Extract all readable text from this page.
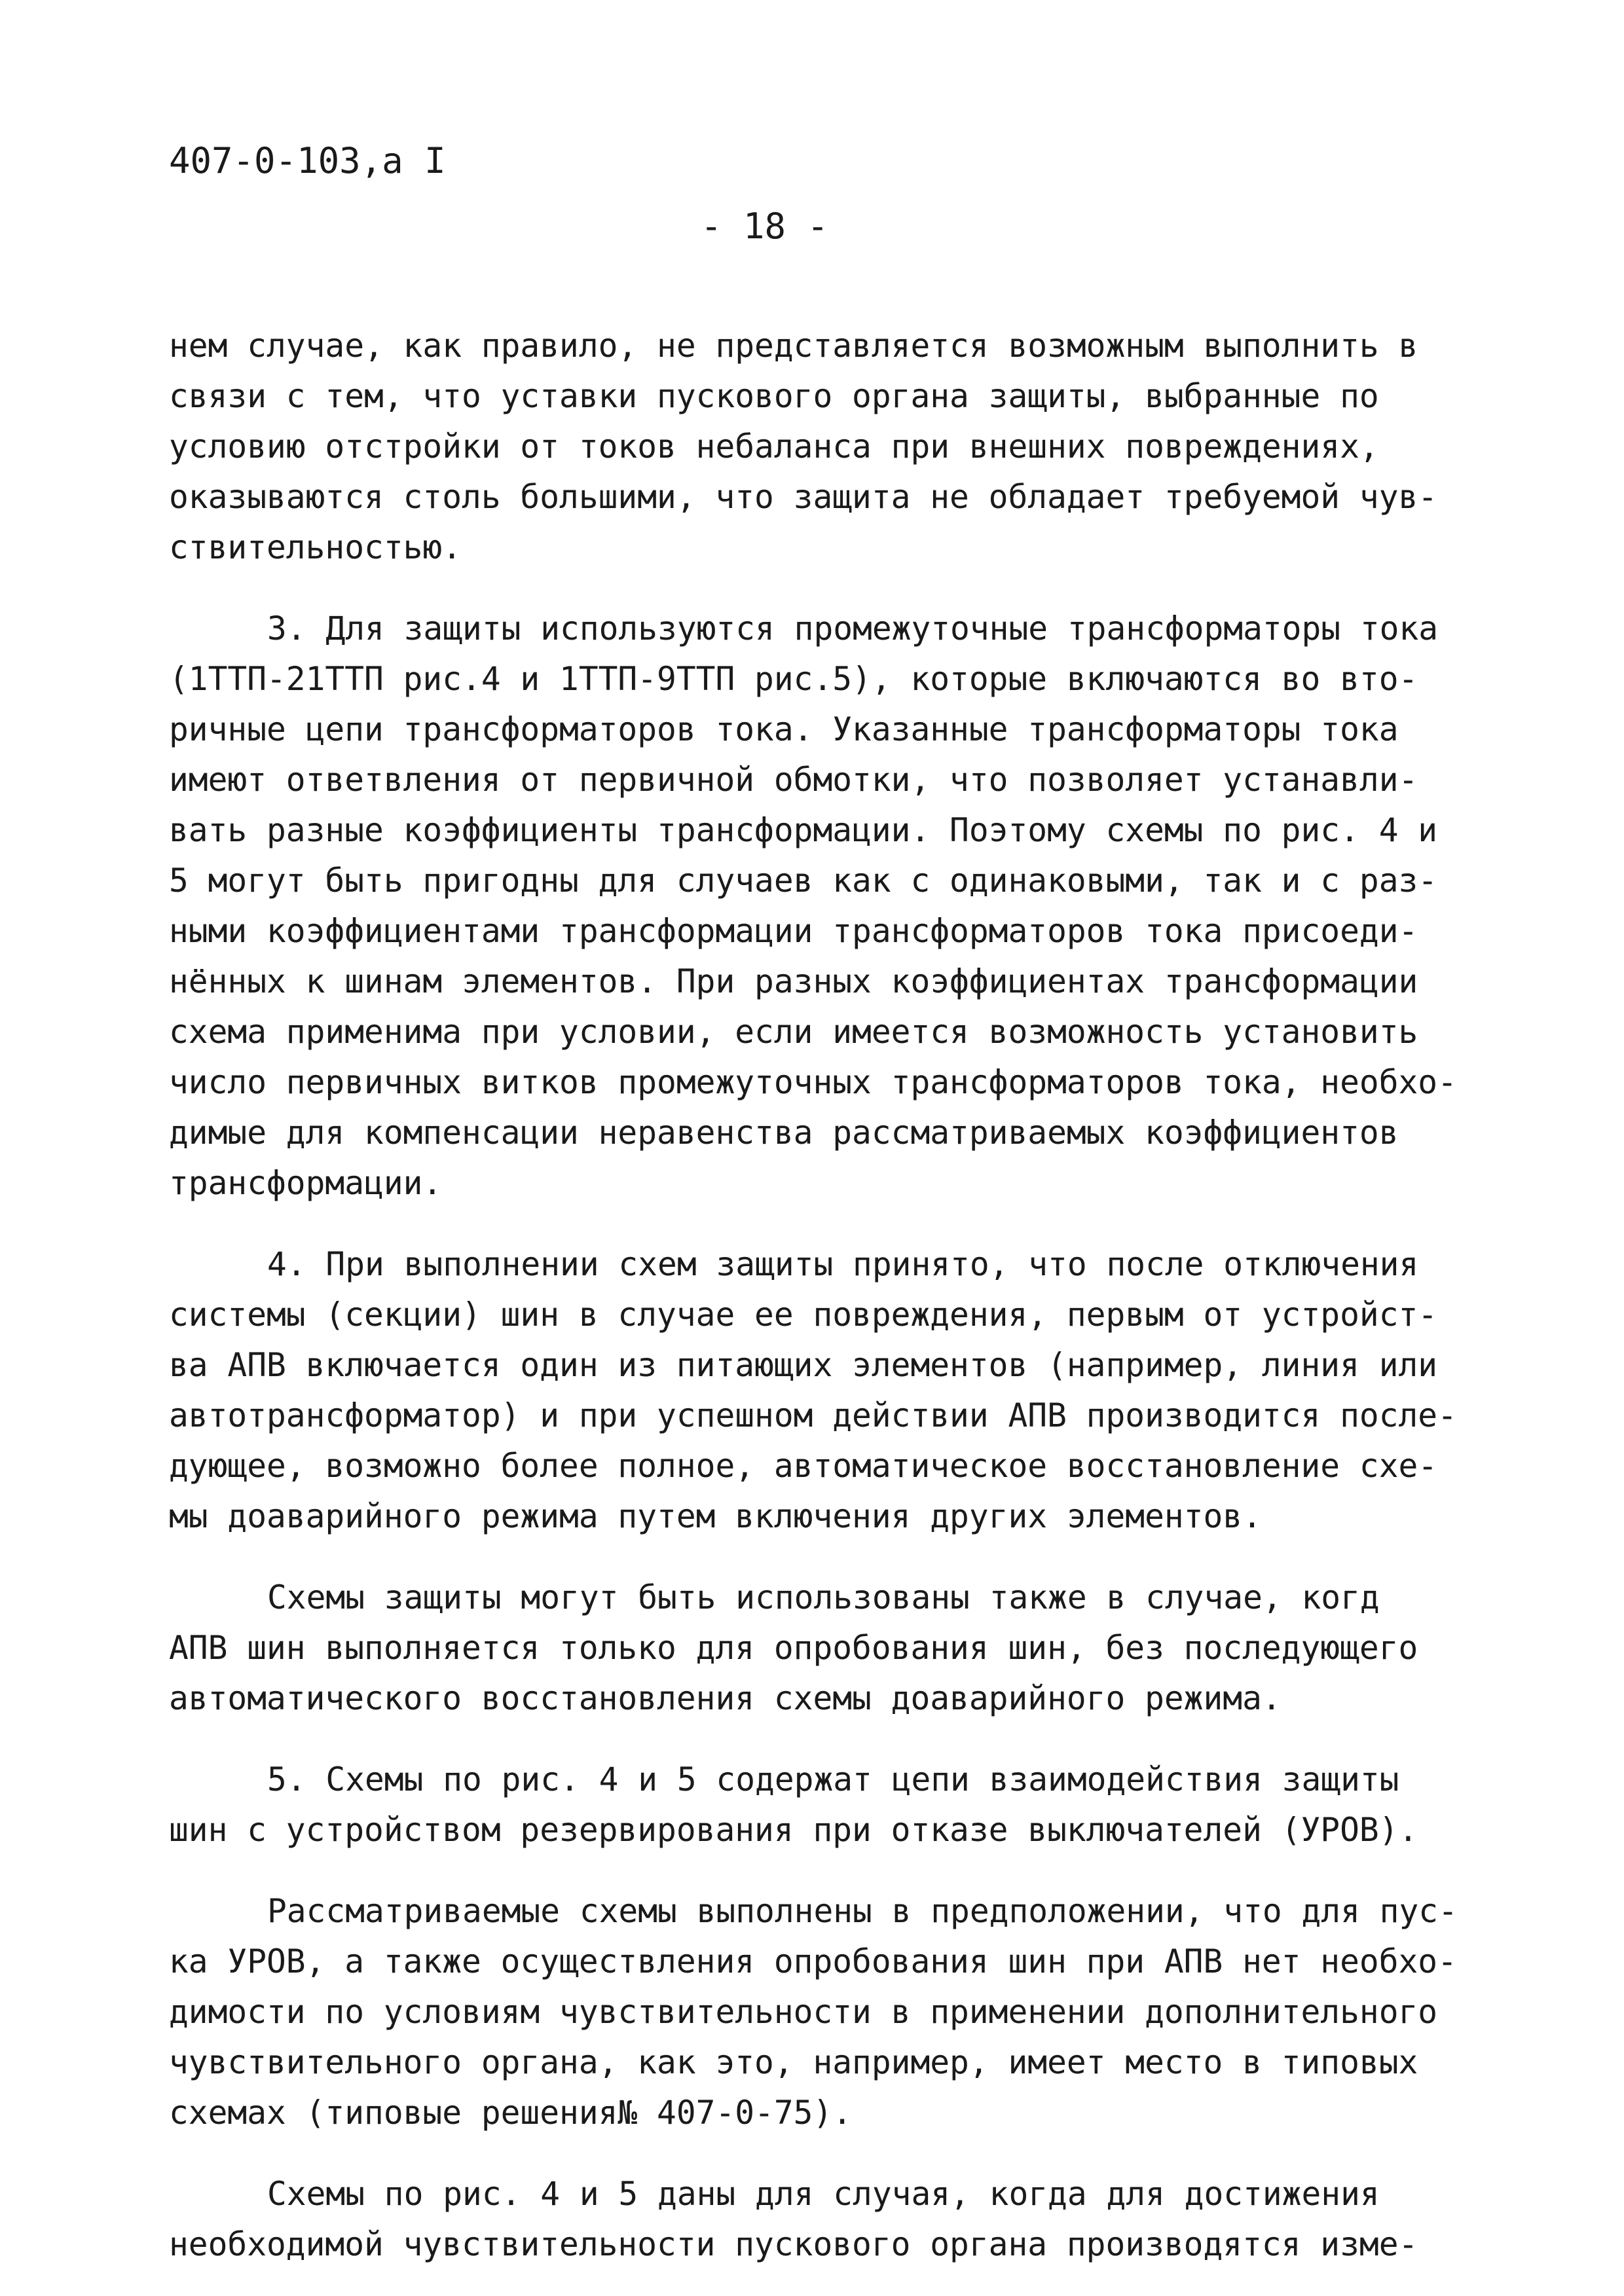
407-0-103,а I

- 18 -

нем случае, как правило, не представляется возможным выполнить в
связи с тем, что уставки пускового органа защиты, выбранные по
условию отстройки от токов небаланса при внешних повреждениях,
оказываются столь большими, что защита не обладает требуемой чув-
ствительностью.
3. Для защиты используются промежуточные трансформаторы тока
(1ТТП-21ТТП рис.4 и 1ТТП-9ТТП рис.5), которые включаются во вто-
ричные цепи трансформаторов тока. Указанные трансформаторы тока
имеют ответвления от первичной обмотки, что позволяет устанавли-
вать разные коэффициенты трансформации. Поэтому схемы по рис. 4 и
5 могут быть пригодны для случаев как с одинаковыми, так и с раз-
ными коэффициентами трансформации трансформаторов тока присоеди-
нённых к шинам элементов. При разных коэффициентах трансформации
схема применима при условии, если имеется возможность установить
число первичных витков промежуточных трансформаторов тока, необхо-
димые для компенсации неравенства рассматриваемых коэффициентов
трансформации.
4. При выполнении схем защиты принято, что после отключения
системы (секции) шин в случае ее повреждения, первым от устройст-
ва АПВ включается один из питающих элементов (например, линия или
автотрансформатор) и при успешном действии АПВ производится после-
дующее, возможно более полное, автоматическое восстановление схе-
мы доаварийного режима путем включения других элементов.
Схемы защиты могут быть использованы также в случае, когд
АПВ шин выполняется только для опробования шин, без последующего
автоматического восстановления схемы доаварийного режима.
5. Схемы по рис. 4 и 5 содержат цепи взаимодействия защиты
шин с устройством резервирования при отказе выключателей (УРОВ).
Рассматриваемые схемы выполнены в предположении, что для пус-
ка УРОВ, а также осуществления опробования шин при АПВ нет необхо-
димости по условиям чувствительности в применении дополнительного
чувствительного органа, как это, например, имеет место в типовых
схемах (типовые решения№ 407-0-75).
Схемы по рис. 4 и 5 даны для случая, когда для достижения
необходимой чувствительности пускового органа производятся изме-
